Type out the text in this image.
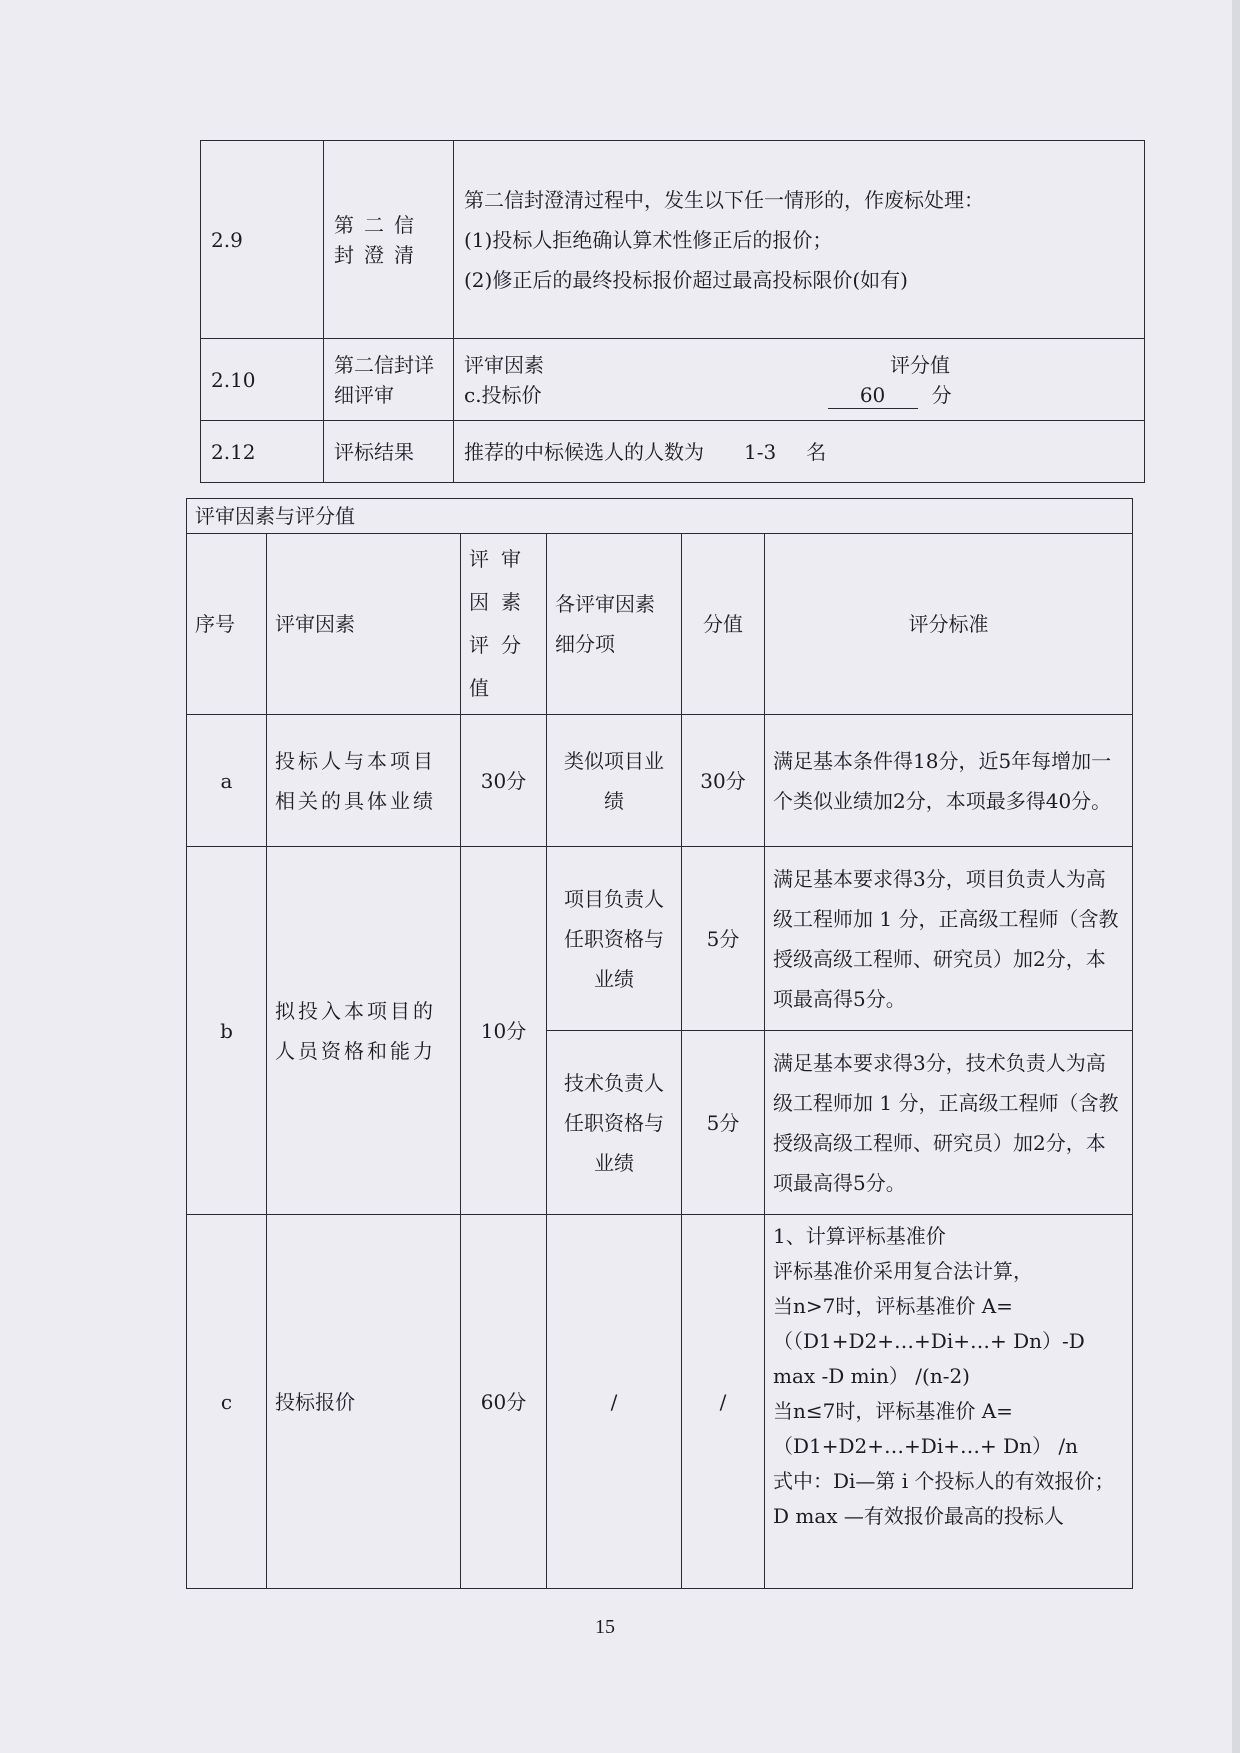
2.9	第二信封澄清	第二信封澄清过程中，发生以下任一情形的，作废标处理：
(1)投标人拒绝确认算术性修正后的报价；
(2)修正后的最终投标报价超过最高投标限价(如有)

2.10	第二信封详细评审	评审因素 评分值
c.投标价 60 分

2.12	评标结果	推荐的中标候选人的人数为 1-3 名
评审因素与评分值					
序号	评审因素	评审因素评分值	各评审因素细分项	分值	评分标准
a	投标人与本项目相关的具体业绩	30分	类似项目业绩	30分	满足基本条件得18分，近5年每增加一个类似业绩加2分，本项最多得40分。
b	拟投入本项目的人员资格和能力	10分	项目负责人任职资格与业绩	5分	满足基本要求得3分，项目负责人为高级工程师加 1 分，正高级工程师（含教授级高级工程师、研究员）加2分，本项最高得5分。
			技术负责人任职资格与业绩	5分	满足基本要求得3分，技术负责人为高级工程师加 1 分，正高级工程师（含教授级高级工程师、研究员）加2分，本项最高得5分。
c	投标报价	60分	/	/	1、计算评标基准价
评标基准价采用复合法计算，
当n>7时，评标基准价 A=（（D1+D2+…+Di+…+ Dn）-D max -D min） /(n-2)
当n≤7时，评标基准价 A=（D1+D2+…+Di+…+ Dn） /n
式中：Di—第 i 个投标人的有效报价；D max —有效报价最高的投标人
15
